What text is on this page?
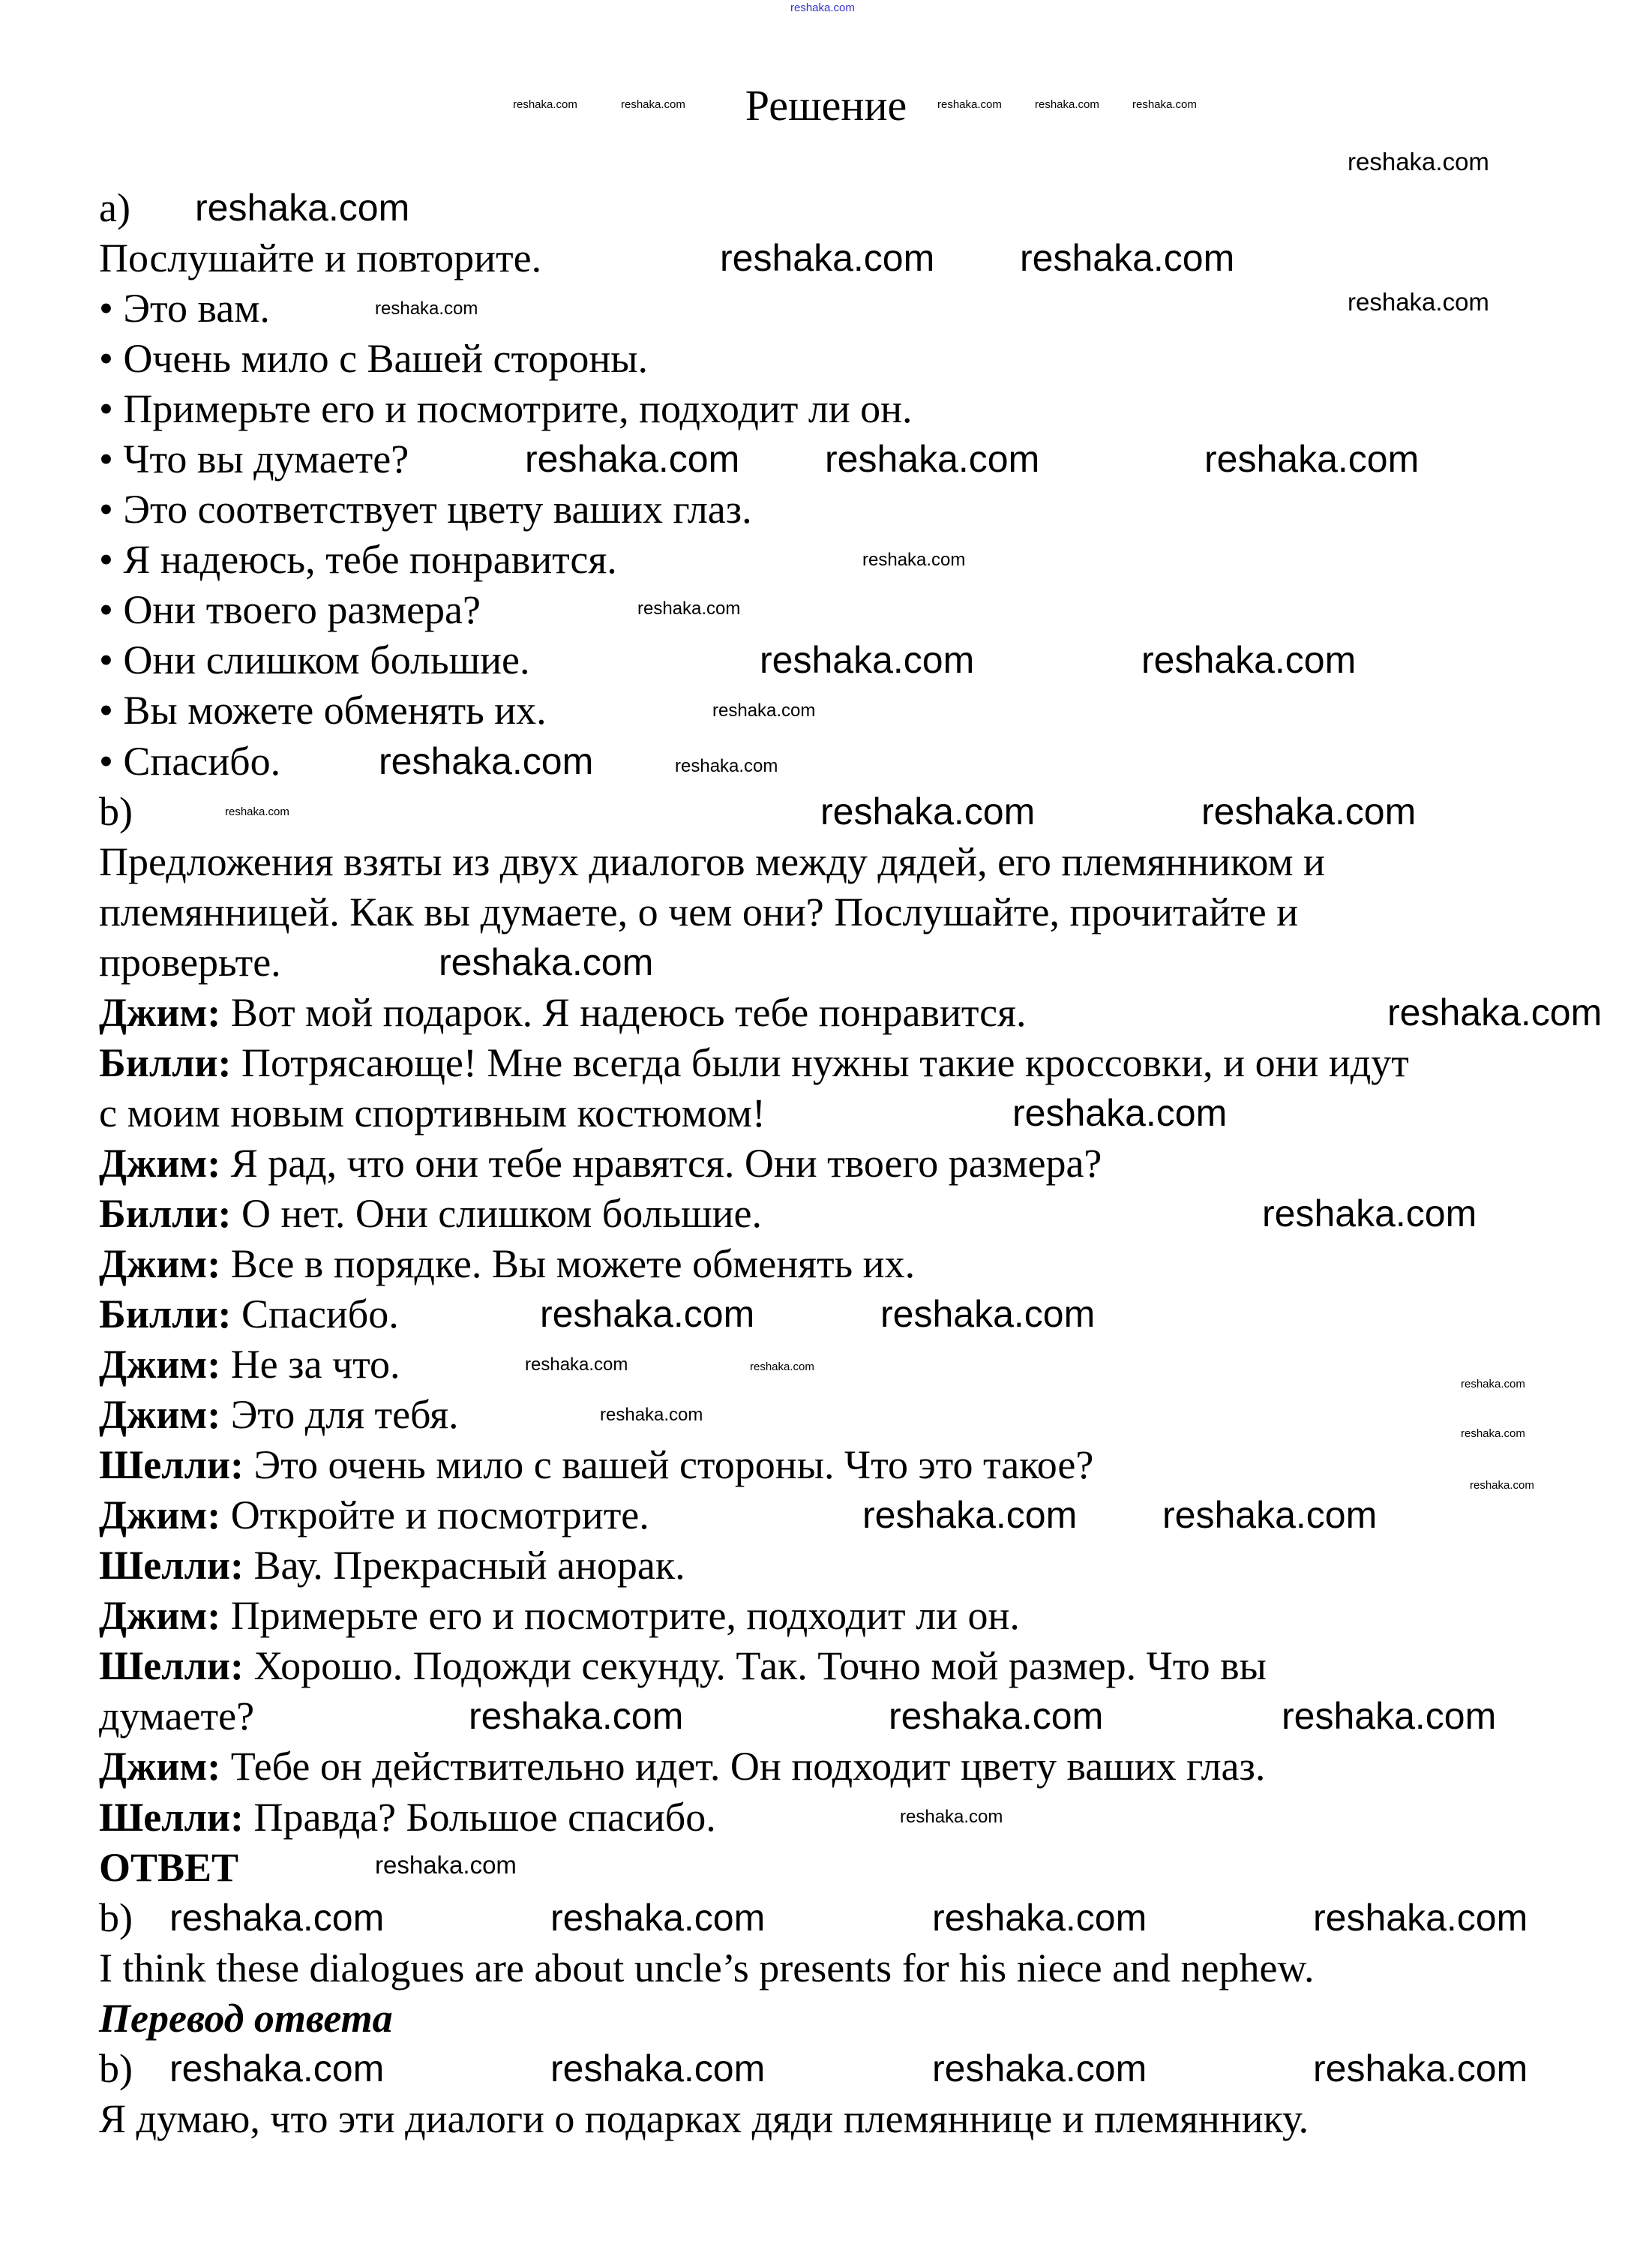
reshaka.com
Решение
a)
Послушайте и повторите.
• Это вам.
• Очень мило с Вашей стороны.
• Примерьте его и посмотрите, подходит ли он.
• Что вы думаете?
• Это соответствует цвету ваших глаз.
• Я надеюсь, тебе понравится.
• Они твоего размера?
• Они слишком большие.
• Вы можете обменять их.
• Спасибо.
b)
Предложения взяты из двух диалогов между дядей, его племянником и
племянницей. Как вы думаете, о чем они? Послушайте, прочитайте и
проверьте.
Джим: Вот мой подарок. Я надеюсь тебе понравится.
Билли: Потрясающе! Мне всегда были нужны такие кроссовки, и они идут
с моим новым спортивным костюмом!
Джим: Я рад, что они тебе нравятся. Они твоего размера?
Билли: О нет. Они слишком большие.
Джим: Все в порядке. Вы можете обменять их.
Билли: Спасибо.
Джим: Не за что.
Джим: Это для тебя.
Шелли: Это очень мило с вашей стороны. Что это такое?
Джим: Откройте и посмотрите.
Шелли: Вау. Прекрасный анорак.
Джим: Примерьте его и посмотрите, подходит ли он.
Шелли: Хорошо. Подожди секунду. Так. Точно мой размер. Что вы
думаете?
Джим: Тебе он действительно идет. Он подходит цвету ваших глаз.
Шелли: Правда? Большое спасибо.
ОТВЕТ
b)
I think these dialogues are about uncle’s presents for his niece and nephew.
Перевод ответа
b)
Я думаю, что эти диалоги о подарках дяди племяннице и племяннику.
reshaka.com
reshaka.com reshaka.com
reshaka.com reshaka.com	reshaka.com
reshaka.com	reshaka.com
reshaka.com
reshaka.com	reshaka.com
reshaka.com
reshaka.com
reshaka.com
reshaka.com
reshaka.com
reshaka.com
reshaka.com reshaka.com
reshaka.com	reshaka.com	reshaka.com
reshaka.com	reshaka.com	reshaka.com	reshaka.com
reshaka.com	reshaka.com	reshaka.com	reshaka.com
reshaka.com
reshaka.com
reshaka.com
reshaka.com
reshaka.com
reshaka.com
reshaka.com
reshaka.com
reshaka.com
reshaka.com
reshaka.com
reshaka.com
reshaka.com	reshaka.com	reshaka.com	reshaka.com	reshaka.com
reshaka.com
reshaka.com
reshaka.com
reshaka.com
